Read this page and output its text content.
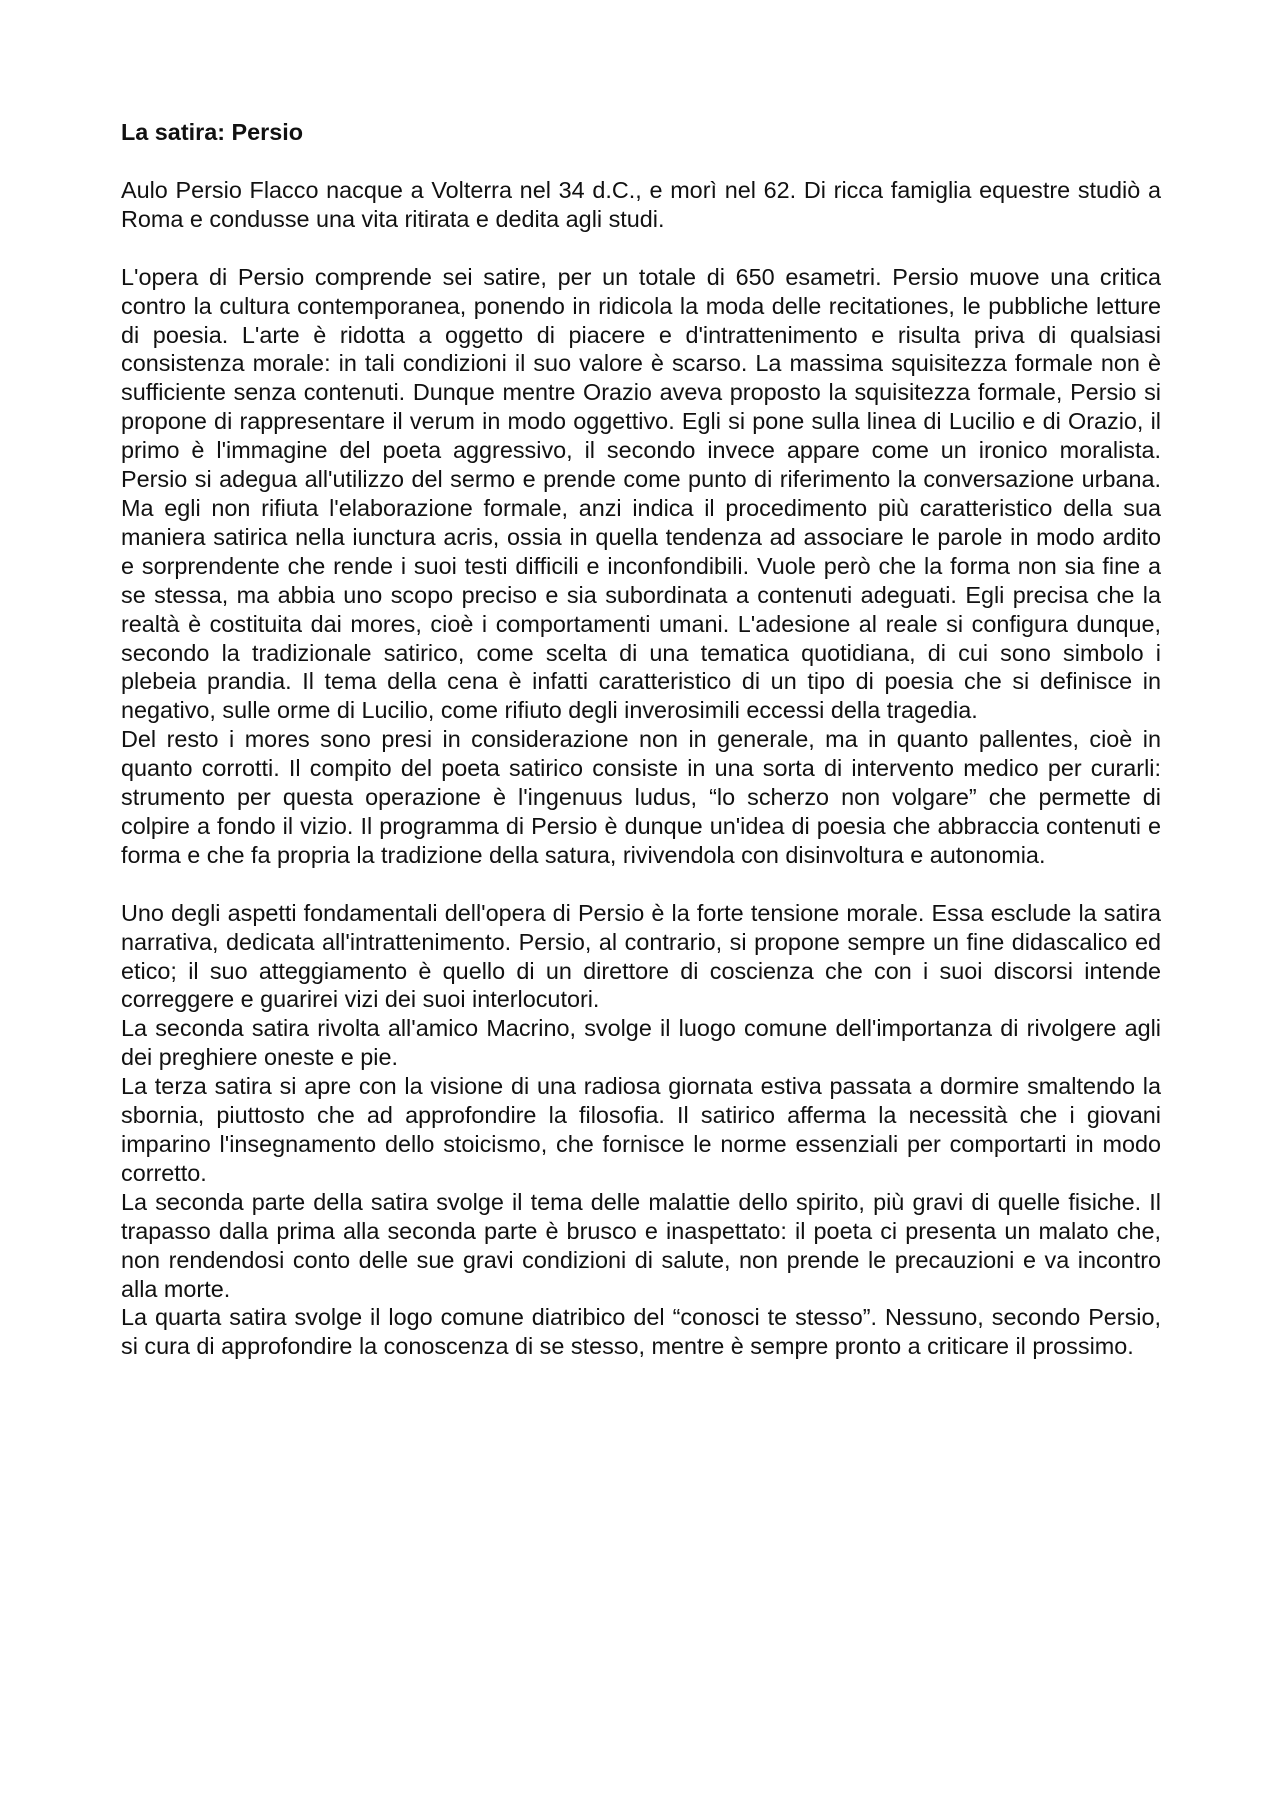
La satira: Persio

Aulo Persio Flacco nacque a Volterra nel 34 d.C., e morì nel 62. Di ricca famiglia equestre studiò a Roma e condusse una vita ritirata e dedita agli studi.

L'opera di Persio comprende sei satire, per un totale di 650 esametri. Persio muove una critica contro la cultura contemporanea, ponendo in ridicola la moda delle recitationes, le pubbliche letture di poesia. L'arte è ridotta a oggetto di piacere e d'intrattenimento e risulta priva di qualsiasi consistenza morale: in tali condizioni il suo valore è scarso. La massima squisitezza formale non è sufficiente senza contenuti. Dunque mentre Orazio aveva proposto la squisitezza formale, Persio si propone di rappresentare il verum in modo oggettivo. Egli si pone sulla linea di Lucilio e di Orazio, il primo è l'immagine del poeta aggressivo, il secondo invece appare come un ironico moralista. Persio si adegua all'utilizzo del sermo e prende come punto di riferimento la conversazione urbana. Ma egli non rifiuta l'elaborazione formale, anzi indica il procedimento più caratteristico della sua maniera satirica nella iunctura acris, ossia in quella tendenza ad associare le parole in modo ardito e sorprendente che rende i suoi testi difficili e inconfondibili. Vuole però che la forma non sia fine a se stessa, ma abbia uno scopo preciso e sia subordinata a contenuti adeguati. Egli precisa che la realtà è costituita dai mores, cioè i comportamenti umani. L'adesione al reale si configura dunque, secondo la tradizionale satirico, come scelta di una tematica quotidiana, di cui sono simbolo i plebeia prandia. Il tema della cena è infatti caratteristico di un tipo di poesia che si definisce in negativo, sulle orme di Lucilio, come rifiuto degli inverosimili eccessi della tragedia.

Del resto i mores sono presi in considerazione non in generale, ma in quanto pallentes, cioè in quanto corrotti. Il compito del poeta satirico consiste in una sorta di intervento medico per curarli: strumento per questa operazione è l'ingenuus ludus, “lo scherzo non volgare” che permette di colpire a fondo il vizio. Il programma di Persio è dunque un'idea di poesia che abbraccia contenuti e forma e che fa propria la tradizione della satura, rivivendola con disinvoltura e autonomia.

Uno degli aspetti fondamentali dell'opera di Persio è la forte tensione morale. Essa esclude la satira narrativa, dedicata all'intrattenimento. Persio, al contrario, si propone sempre un fine didascalico ed etico; il suo atteggiamento è quello di un direttore di coscienza che con i suoi discorsi intende correggere e guarirei vizi dei suoi interlocutori.

La seconda satira rivolta all'amico Macrino, svolge il luogo comune dell'importanza di rivolgere agli dei preghiere oneste e pie.

La terza satira si apre con la visione di una radiosa giornata estiva passata a dormire smaltendo la sbornia, piuttosto che ad approfondire la filosofia. Il satirico afferma la necessità che i giovani imparino l'insegnamento dello stoicismo, che fornisce le norme essenziali per comportarti in modo corretto.

La seconda parte della satira svolge il tema delle malattie dello spirito, più gravi di quelle fisiche. Il trapasso dalla prima alla seconda parte è brusco e inaspettato: il poeta ci presenta un malato che, non rendendosi conto delle sue gravi condizioni di salute, non prende le precauzioni e va incontro alla morte.

La quarta satira svolge il logo comune diatribico del “conosci te stesso”. Nessuno, secondo Persio, si cura di approfondire la conoscenza di se stesso, mentre è sempre pronto a criticare il prossimo.
